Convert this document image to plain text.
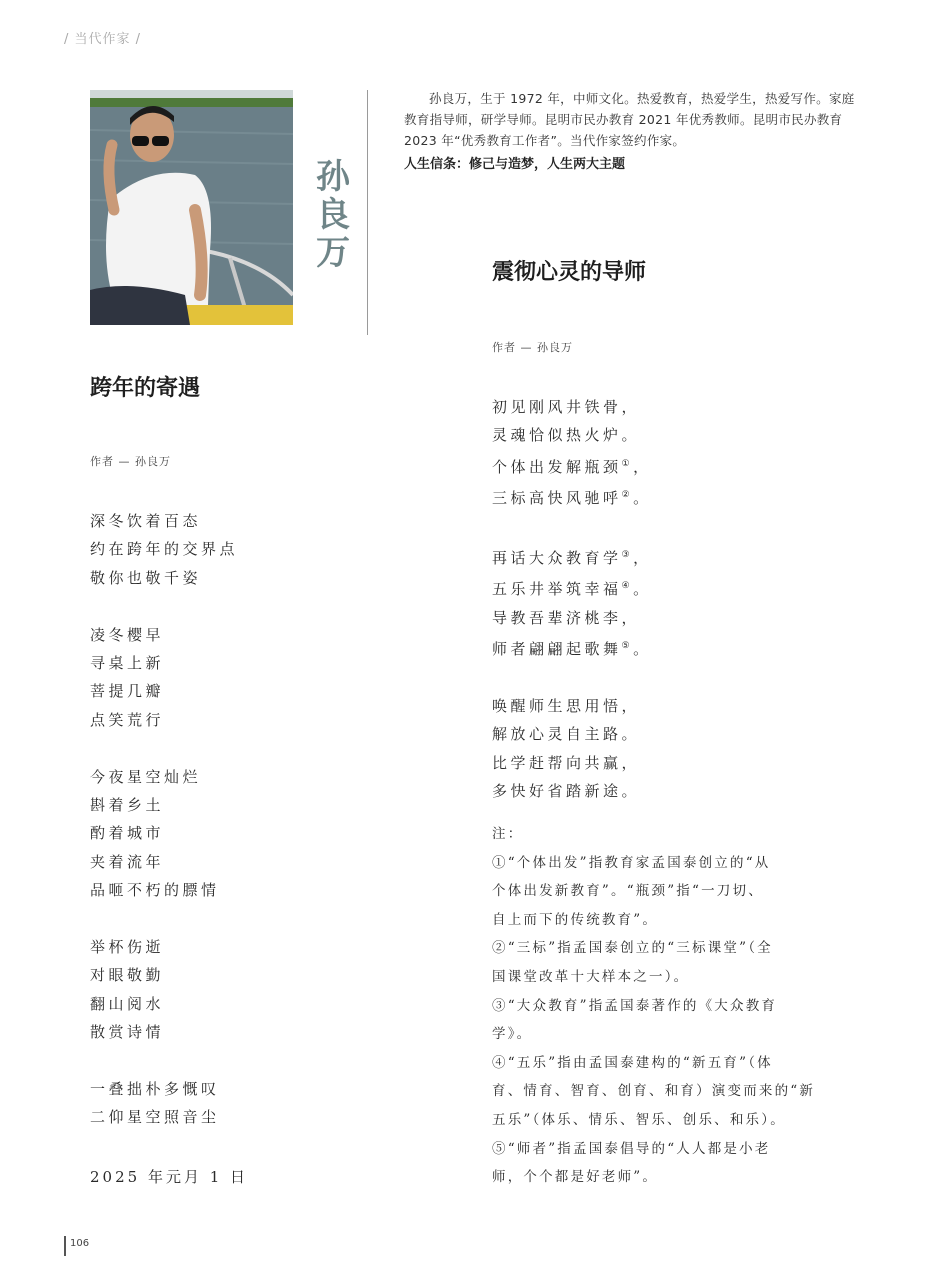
/ 当代作家 /
孙
良
万
孙良万，生于 1972 年，中师文化。热爱教育，热爱学生，热爱写作。家庭教育指导师，研学导师。昆明市民办教育 2021 年优秀教师。昆明市民办教育 2023 年“优秀教育工作者”。当代作家签约作家。
人生信条：修己与造梦，人生两大主题
跨年的寄遇
作者 — 孙良万
深冬饮着百态
约在跨年的交界点
敬你也敬千姿
凌冬樱早
寻桌上新
菩提几瓣
点笑荒行
今夜星空灿烂
斟着乡土
酌着城市
夹着流年
品咂不朽的膘情
举杯伤逝
对眼敬勤
翻山阅水
散赏诗情
一叠拙朴多慨叹
二仰星空照音尘
2025 年元月 1 日
震彻心灵的导师
作者 — 孙良万
初见刚风井铁骨，
灵魂恰似热火炉。
个体出发解瓶颈①，
三标高快风驰呼②。
再话大众教育学③，
五乐井举筑幸福④。
导教吾辈济桃李，
师者翩翩起歌舞⑤。
唤醒师生思用悟，
解放心灵自主路。
比学赶帮向共赢，
多快好省踏新途。
注：
①“个体出发”指教育家孟国泰创立的“从
个体出发新教育”。“瓶颈”指“一刀切、
自上而下的传统教育”。
②“三标”指孟国泰创立的“三标课堂”（全
国课堂改革十大样本之一）。
③“大众教育”指孟国泰著作的《大众教育
学》。
④“五乐”指由孟国泰建构的“新五育”（体
育、情育、智育、创育、和育）演变而来的“新
五乐”（体乐、情乐、智乐、创乐、和乐）。
⑤“师者”指孟国泰倡导的“人人都是小老
师，个个都是好老师”。
106
